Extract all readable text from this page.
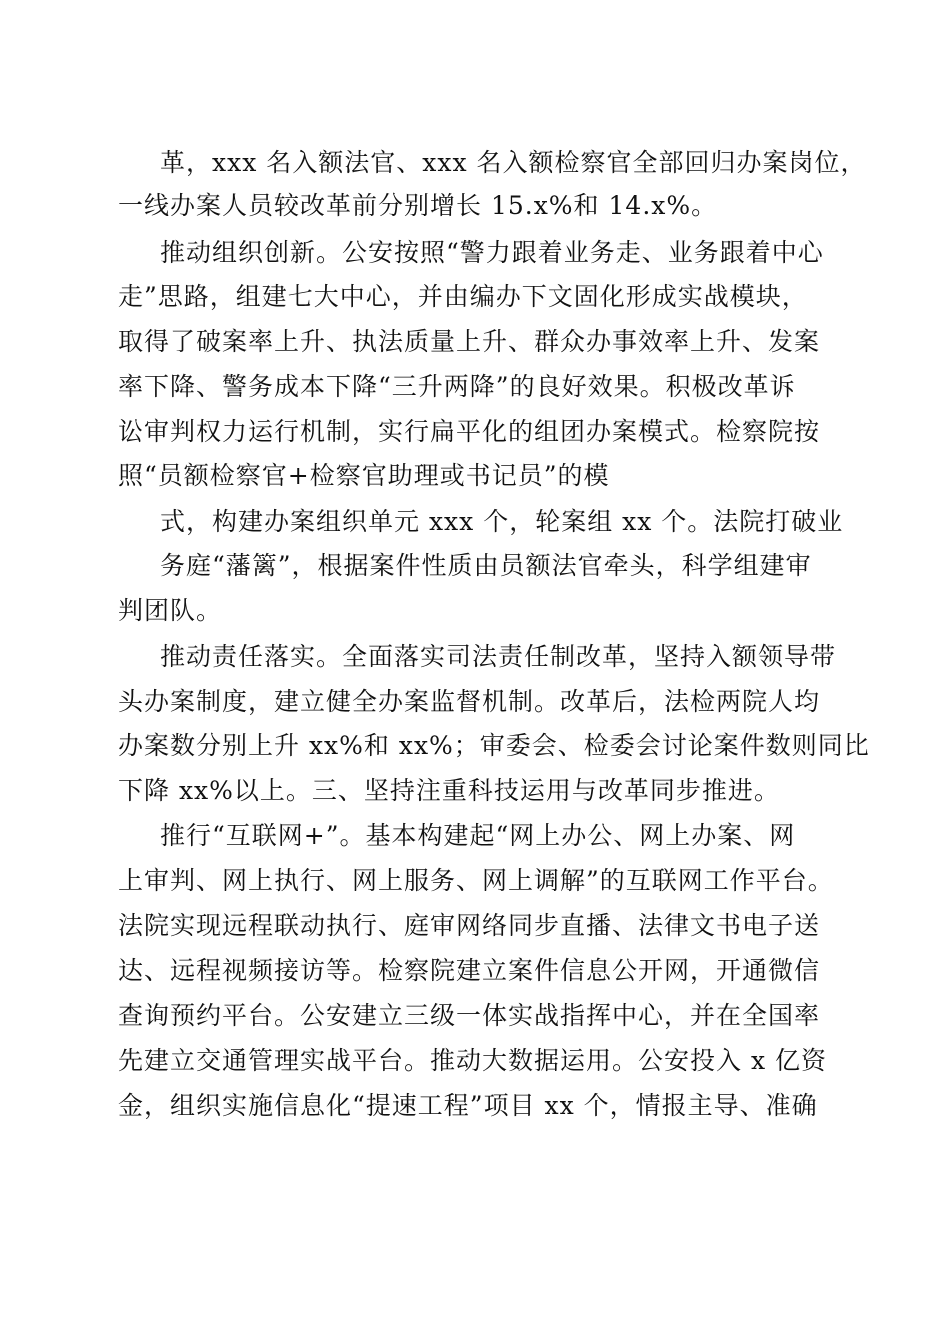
革，xxx 名入额法官、xxx 名入额检察官全部回归办案岗位，
一线办案人员较改革前分别增长 15.x%和 14.x%。
推动组织创新。公安按照“警力跟着业务走、业务跟着中心
走”思路，组建七大中心，并由编办下文固化形成实战模块，
取得了破案率上升、执法质量上升、群众办事效率上升、发案
率下降、警务成本下降“三升两降”的良好效果。积极改革诉
讼审判权力运行机制，实行扁平化的组团办案模式。检察院按
照“员额检察官+检察官助理或书记员”的模
式，构建办案组织单元 xxx 个，轮案组 xx 个。法院打破业
务庭“藩篱”，根据案件性质由员额法官牵头，科学组建审
判团队。
推动责任落实。全面落实司法责任制改革，坚持入额领导带
头办案制度，建立健全办案监督机制。改革后，法检两院人均
办案数分别上升 xx%和 xx%；审委会、检委会讨论案件数则同比
下降 xx%以上。三、坚持注重科技运用与改革同步推进。
推行“互联网+”。基本构建起“网上办公、网上办案、网
上审判、网上执行、网上服务、网上调解”的互联网工作平台。
法院实现远程联动执行、庭审网络同步直播、法律文书电子送
达、远程视频接访等。检察院建立案件信息公开网，开通微信
查询预约平台。公安建立三级一体实战指挥中心，并在全国率
先建立交通管理实战平台。推动大数据运用。公安投入 x 亿资
金，组织实施信息化“提速工程”项目 xx 个，情报主导、准确
